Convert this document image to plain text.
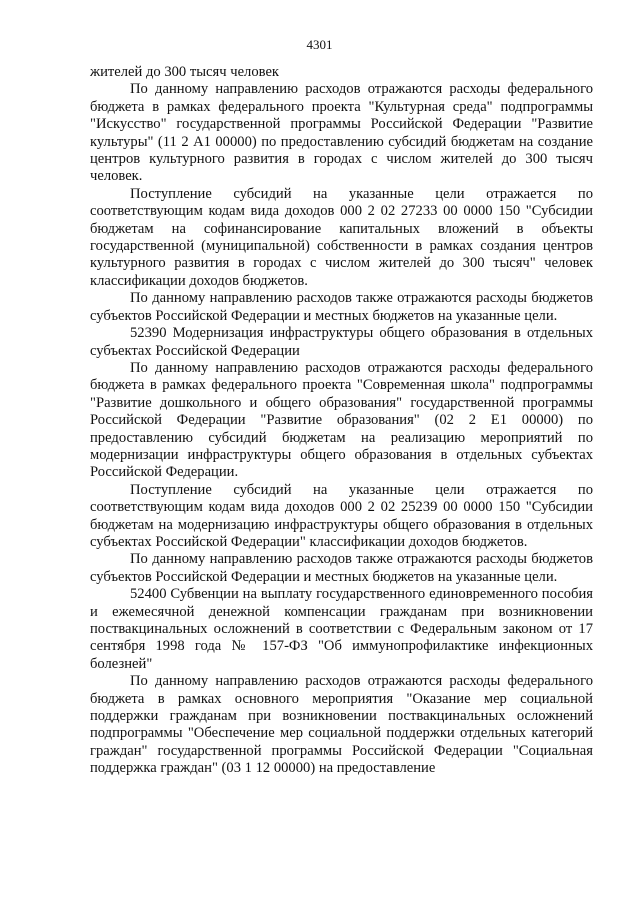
4301

жителей до 300 тысяч человек

По данному направлению расходов отражаются расходы федерального бюджета в рамках федерального проекта "Культурная среда" подпрограммы "Искусство" государственной программы Российской Федерации "Развитие культуры" (11 2 А1 00000) по предоставлению субсидий бюджетам на создание центров культурного развития в городах с числом жителей до 300 тысяч человек.

Поступление субсидий на указанные цели отражается по соответствующим кодам вида доходов 000 2 02 27233 00 0000 150 "Субсидии бюджетам на софинансирование капитальных вложений в объекты государственной (муниципальной) собственности в рамках создания центров культурного развития в городах с числом жителей до 300 тысяч" человек классификации доходов бюджетов.

По данному направлению расходов также отражаются расходы бюджетов субъектов Российской Федерации и местных бюджетов на указанные цели.

52390 Модернизация инфраструктуры общего образования в отдельных субъектах Российской Федерации

По данному направлению расходов отражаются расходы федерального бюджета в рамках федерального проекта "Современная школа" подпрограммы "Развитие дошкольного и общего образования" государственной программы Российской Федерации "Развитие образования" (02 2 Е1 00000) по предоставлению субсидий бюджетам на реализацию мероприятий по модернизации инфраструктуры общего образования в отдельных субъектах Российской Федерации.

Поступление субсидий на указанные цели отражается по соответствующим кодам вида доходов 000 2 02 25239 00 0000 150 "Субсидии бюджетам на модернизацию инфраструктуры общего образования в отдельных субъектах Российской Федерации" классификации доходов бюджетов.

По данному направлению расходов также отражаются расходы бюджетов субъектов Российской Федерации и местных бюджетов на указанные цели.

52400 Субвенции на выплату государственного единовременного пособия и ежемесячной денежной компенсации гражданам при возникновении поствакцинальных осложнений в соответствии с Федеральным законом от 17 сентября 1998 года № 157-ФЗ "Об иммунопрофилактике инфекционных болезней"

По данному направлению расходов отражаются расходы федерального бюджета в рамках основного мероприятия "Оказание мер социальной поддержки гражданам при возникновении поствакцинальных осложнений подпрограммы "Обеспечение мер социальной поддержки отдельных категорий граждан" государственной программы Российской Федерации "Социальная поддержка граждан" (03 1 12 00000) на предоставление
